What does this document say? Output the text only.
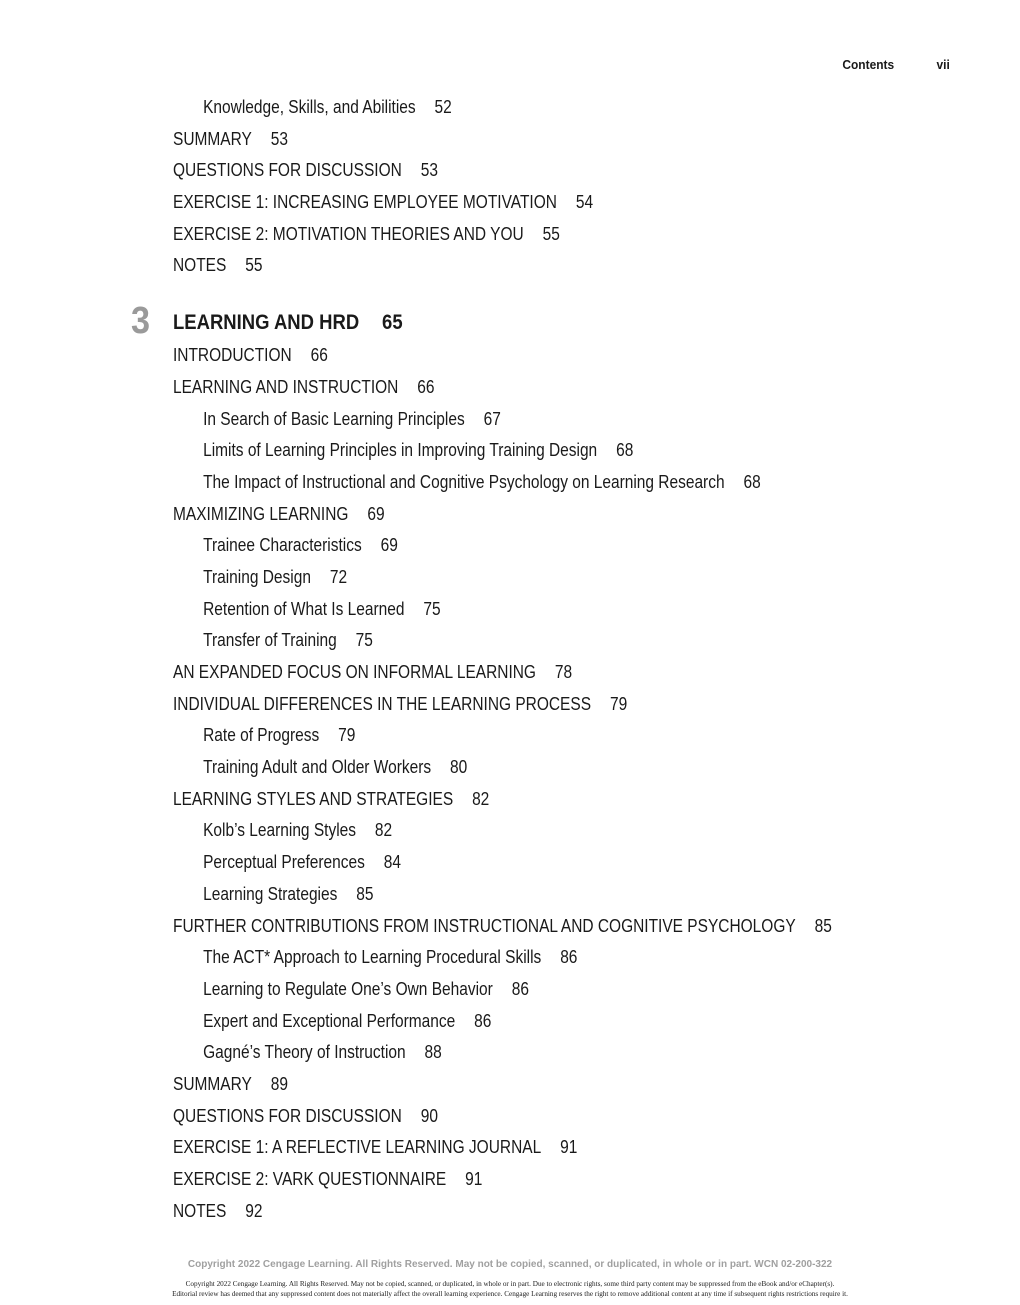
Contents	vii
Knowledge, Skills, and Abilities 52
SUMMARY 53
QUESTIONS FOR DISCUSSION 53
EXERCISE 1: INCREASING EMPLOYEE MOTIVATION 54
EXERCISE 2: MOTIVATION THEORIES AND YOU 55
NOTES 55
3 LEARNING AND HRD 65
INTRODUCTION 66
LEARNING AND INSTRUCTION 66
In Search of Basic Learning Principles 67
Limits of Learning Principles in Improving Training Design 68
The Impact of Instructional and Cognitive Psychology on Learning Research 68
MAXIMIZING LEARNING 69
Trainee Characteristics 69
Training Design 72
Retention of What Is Learned 75
Transfer of Training 75
AN EXPANDED FOCUS ON INFORMAL LEARNING 78
INDIVIDUAL DIFFERENCES IN THE LEARNING PROCESS 79
Rate of Progress 79
Training Adult and Older Workers 80
LEARNING STYLES AND STRATEGIES 82
Kolb’s Learning Styles 82
Perceptual Preferences 84
Learning Strategies 85
FURTHER CONTRIBUTIONS FROM INSTRUCTIONAL AND COGNITIVE PSYCHOLOGY 85
The ACT* Approach to Learning Procedural Skills 86
Learning to Regulate One’s Own Behavior 86
Expert and Exceptional Performance 86
Gagné’s Theory of Instruction 88
SUMMARY 89
QUESTIONS FOR DISCUSSION 90
EXERCISE 1: A REFLECTIVE LEARNING JOURNAL 91
EXERCISE 2: VARK QUESTIONNAIRE 91
NOTES 92
Copyright 2022 Cengage Learning. All Rights Reserved. May not be copied, scanned, or duplicated, in whole or in part. WCN 02-200-322
Copyright 2022 Cengage Learning. All Rights Reserved. May not be copied, scanned, or duplicated, in whole or in part. Due to electronic rights, some third party content may be suppressed from the eBook and/or eChapter(s).
Editorial review has deemed that any suppressed content does not materially affect the overall learning experience. Cengage Learning reserves the right to remove additional content at any time if subsequent rights restrictions require it.
